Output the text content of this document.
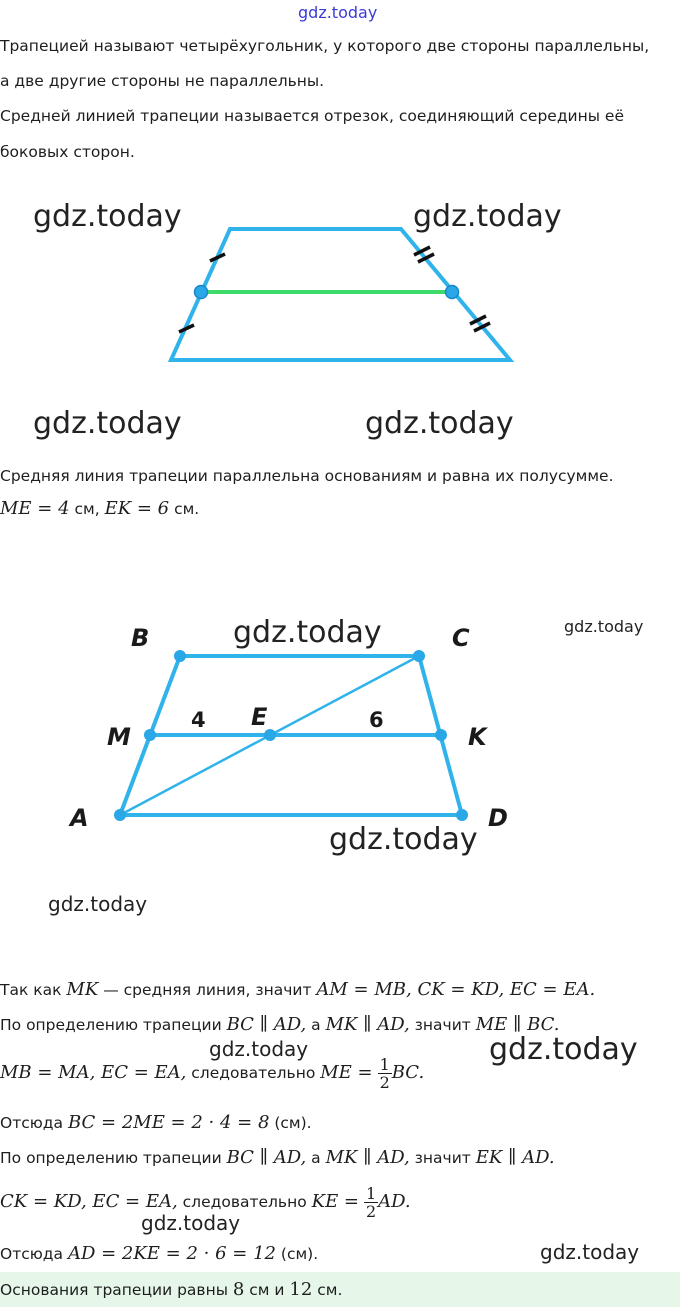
gdz.today
Трапецией называют четырёхугольник, у которого две стороны параллельны,
а две другие стороны не параллельны.
Средней линией трапеции называется отрезок, соединяющий середины её
боковых сторон.
gdz.today	gdz.today
gdz.today	gdz.today
Средняя линия трапеции параллельна основаниям и равна их полусумме.
ME = 4 см, EK = 6 см.
B	C
M
E
K
A	D
4	6
gdz.today	gdz.today
gdz.today
gdz.today
Так как MK — средняя линия, значит AM = MB, CK = KD, EC = EA.
По определению трапеции BC ∥ AD, а MK ∥ AD, значит ME ∥ BC.
MB = MA, EC = EA, следовательно ME =
$\frac{1}{2}$ BC.
Отсюда BC = 2ME = 2 · 4 = 8 (см).
По определению трапеции BC ∥ AD, а MK ∥ AD, значит EK ∥ AD.
CK = KD, EC = EA, следовательно KE =
$\frac{1}{2}$ AD.
Отсюда AD = 2KE = 2 · 6 = 12 (см).
gdz.today	gdz.today
gdz.today
gdz.today
Основания трапеции равны 8 см и 12 см.
